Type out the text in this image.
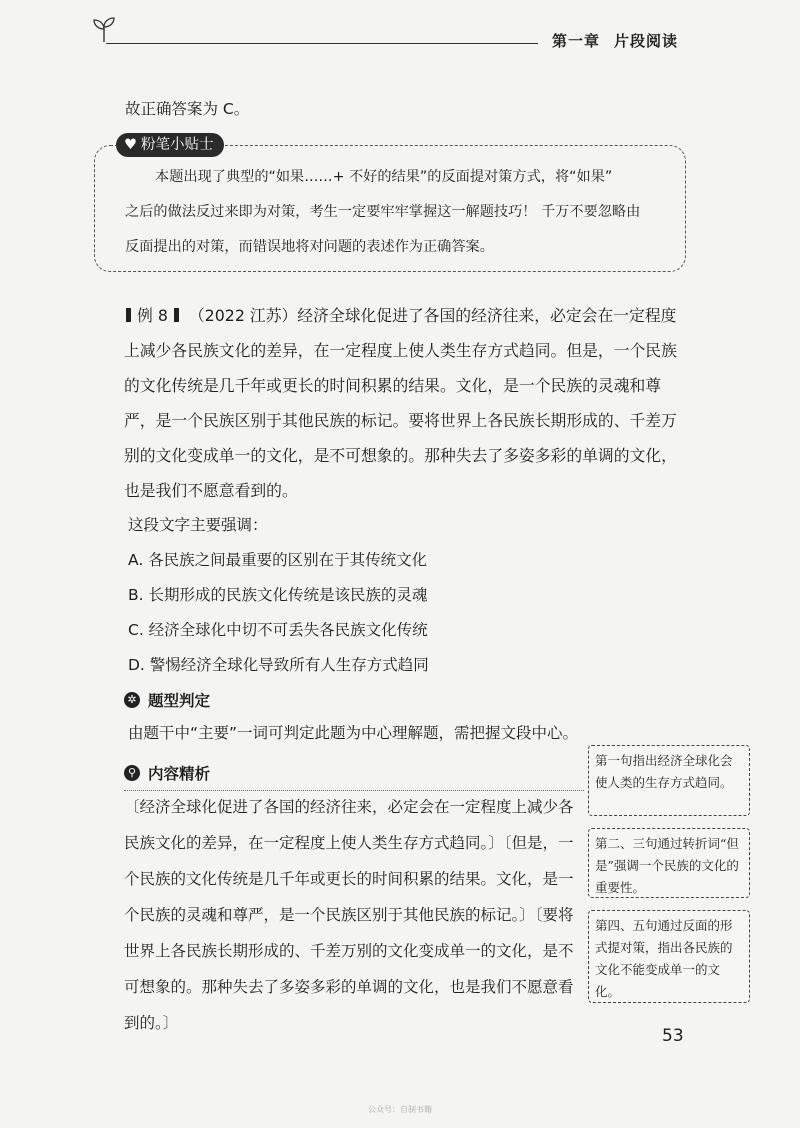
第一章 片段阅读
故正确答案为 C。
♥ 粉笔小贴士
本题出现了典型的“如果……+ 不好的结果”的反面提对策方式，将“如果”
之后的做法反过来即为对策，考生一定要牢牢掌握这一解题技巧！ 千万不要忽略由
反面提出的对策，而错误地将对问题的表述作为正确答案。
例 8 （2022 江苏）经济全球化促进了各国的经济往来，必定会在一定程度上减少各民族文化的差异，在一定程度上使人类生存方式趋同。但是，一个民族的文化传统是几千年或更长的时间积累的结果。文化，是一个民族的灵魂和尊严，是一个民族区别于其他民族的标记。要将世界上各民族长期形成的、千差万别的文化变成单一的文化，是不可想象的。那种失去了多姿多彩的单调的文化，也是我们不愿意看到的。
这段文字主要强调：
A. 各民族之间最重要的区别在于其传统文化
B. 长期形成的民族文化传统是该民族的灵魂
C. 经济全球化中切不可丢失各民族文化传统
D. 警惕经济全球化导致所有人生存方式趋同
✲ 题型判定
由题干中“主要”一词可判定此题为中心理解题，需把握文段中心。
⚲ 内容精析
〔经济全球化促进了各国的经济往来，必定会在一定程度上减少各民族文化的差异，在一定程度上使人类生存方式趋同。〕〔但是，一个民族的文化传统是几千年或更长的时间积累的结果。文化，是一个民族的灵魂和尊严，是一个民族区别于其他民族的标记。〕〔要将世界上各民族长期形成的、千差万别的文化变成单一的文化，是不可想象的。那种失去了多姿多彩的单调的文化，也是我们不愿意看到的。〕
第一句指出经济全球化会使人类的生存方式趋同。
第二、三句通过转折词“但是”强调一个民族的文化的重要性。
第四、五句通过反面的形式提对策，指出各民族的文化不能变成单一的文化。
53
公众号：自制书籍
